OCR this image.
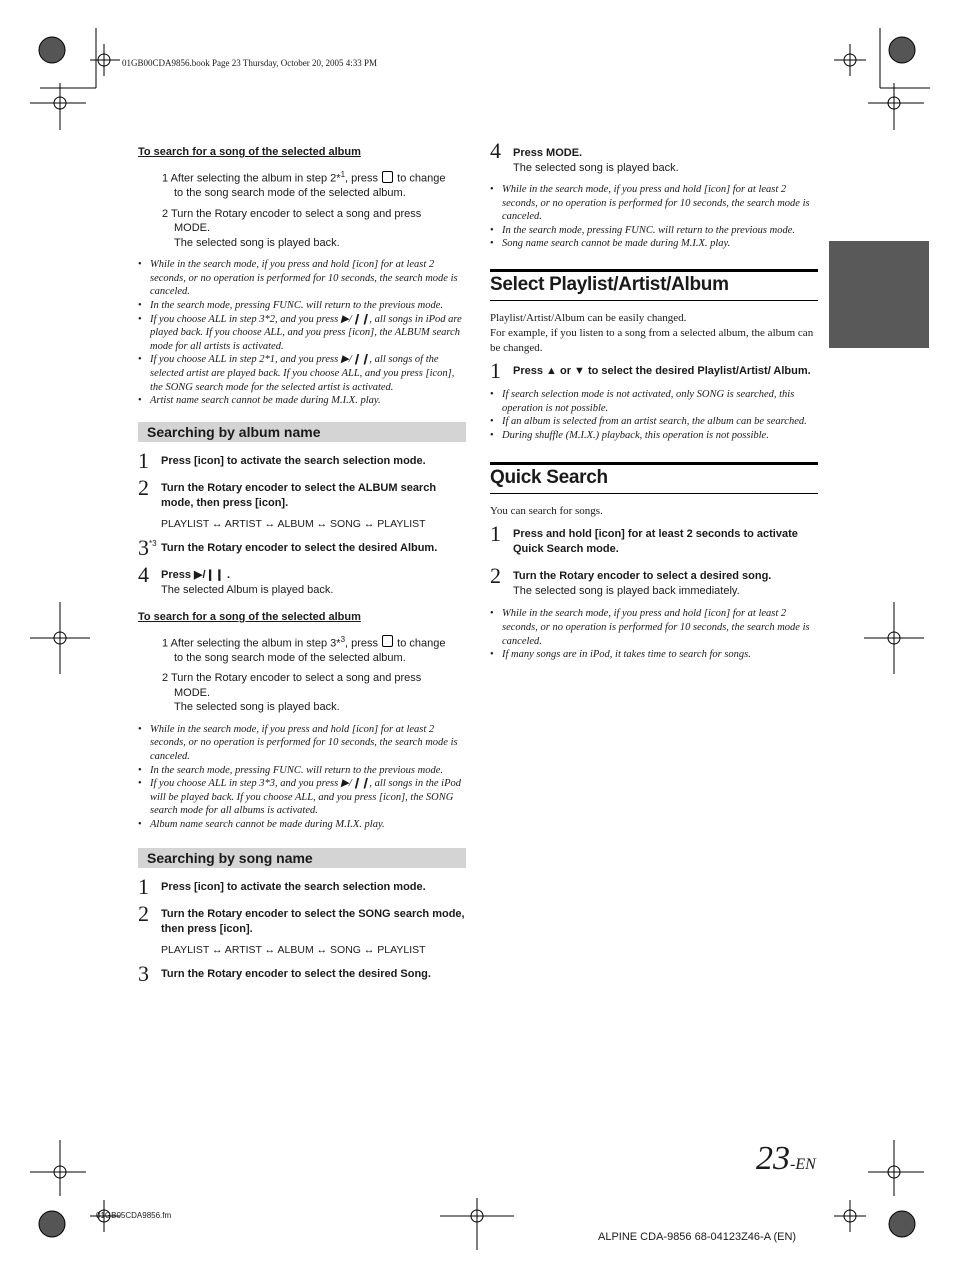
01GB00CDA9856.book Page 23 Thursday, October 20, 2005 4:33 PM
To search for a song of the selected album
1 After selecting the album in step 2*$^1$, press to change
to the song search mode of the selected album.
2 Turn the Rotary encoder to select a song and press
MODE.
The selected song is played back.

• While in the search mode, if you press and hold [icon] for at least 2 seconds, or no operation is performed for 10 seconds, the search mode is canceled.

• In the search mode, pressing FUNC. will return to the previous mode.

• If you choose ALL in step 3*2, and you press ▶/❙❙, all songs in iPod are played back. If you choose ALL, and you press [icon], the ALBUM search mode for all artists is activated.

• If you choose ALL in step 2*1, and you press ▶/❙❙, all songs of the selected artist are played back. If you choose ALL, and you press [icon], the SONG search mode for the selected artist is activated.

• Artist name search cannot be made during M.I.X. play.

Searching by album name
1 Press [icon] to activate the search selection mode.
2 Turn the Rotary encoder to select the ALBUM search mode, then press [icon].
PLAYLIST ↔ ARTIST ↔ ALBUM ↔ SONG ↔ PLAYLIST
3 *3 Turn the Rotary encoder to select the desired Album.
4 Press ▶/❙❙ .
The selected Album is played back.
To search for a song of the selected album
1 After selecting the album in step 3*$^3$, press to change
to the song search mode of the selected album.
2 Turn the Rotary encoder to select a song and press
MODE.
The selected song is played back.

• While in the search mode, if you press and hold [icon] for at least 2 seconds, or no operation is performed for 10 seconds, the search mode is canceled.

• In the search mode, pressing FUNC. will return to the previous mode.

• If you choose ALL in step 3*3, and you press ▶/❙❙, all songs in the iPod will be played back. If you choose ALL, and you press [icon], the SONG search mode for all albums is activated.

• Album name search cannot be made during M.I.X. play.

Searching by song name
1 Press [icon] to activate the search selection mode.
2 Turn the Rotary encoder to select the SONG search mode, then press [icon].
PLAYLIST ↔ ARTIST ↔ ALBUM ↔ SONG ↔ PLAYLIST
3 Turn the Rotary encoder to select the desired Song.
4 Press MODE.
The selected song is played back.

• While in the search mode, if you press and hold [icon] for at least 2 seconds, or no operation is performed for 10 seconds, the search mode is canceled.

• In the search mode, pressing FUNC. will return to the previous mode.

• Song name search cannot be made during M.I.X. play.

Select Playlist/Artist/Album
Playlist/Artist/Album can be easily changed.
For example, if you listen to a song from a selected album, the album can be changed.
1 Press ▲ or ▼ to select the desired Playlist/Artist/ Album.

• If search selection mode is not activated, only SONG is searched, this operation is not possible.

• If an album is selected from an artist search, the album can be searched.

• During shuffle (M.I.X.) playback, this operation is not possible.

Quick Search
You can search for songs.
1 Press and hold [icon] for at least 2 seconds to activate Quick Search mode.
2 Turn the Rotary encoder to select a desired song.
The selected song is played back immediately.

• While in the search mode, if you press and hold [icon] for at least 2 seconds, or no operation is performed for 10 seconds, the search mode is canceled.

• If many songs are in iPod, it takes time to search for songs.

23-EN
01GB05CDA9856.fm
ALPINE CDA-9856 68-04123Z46-A (EN)
